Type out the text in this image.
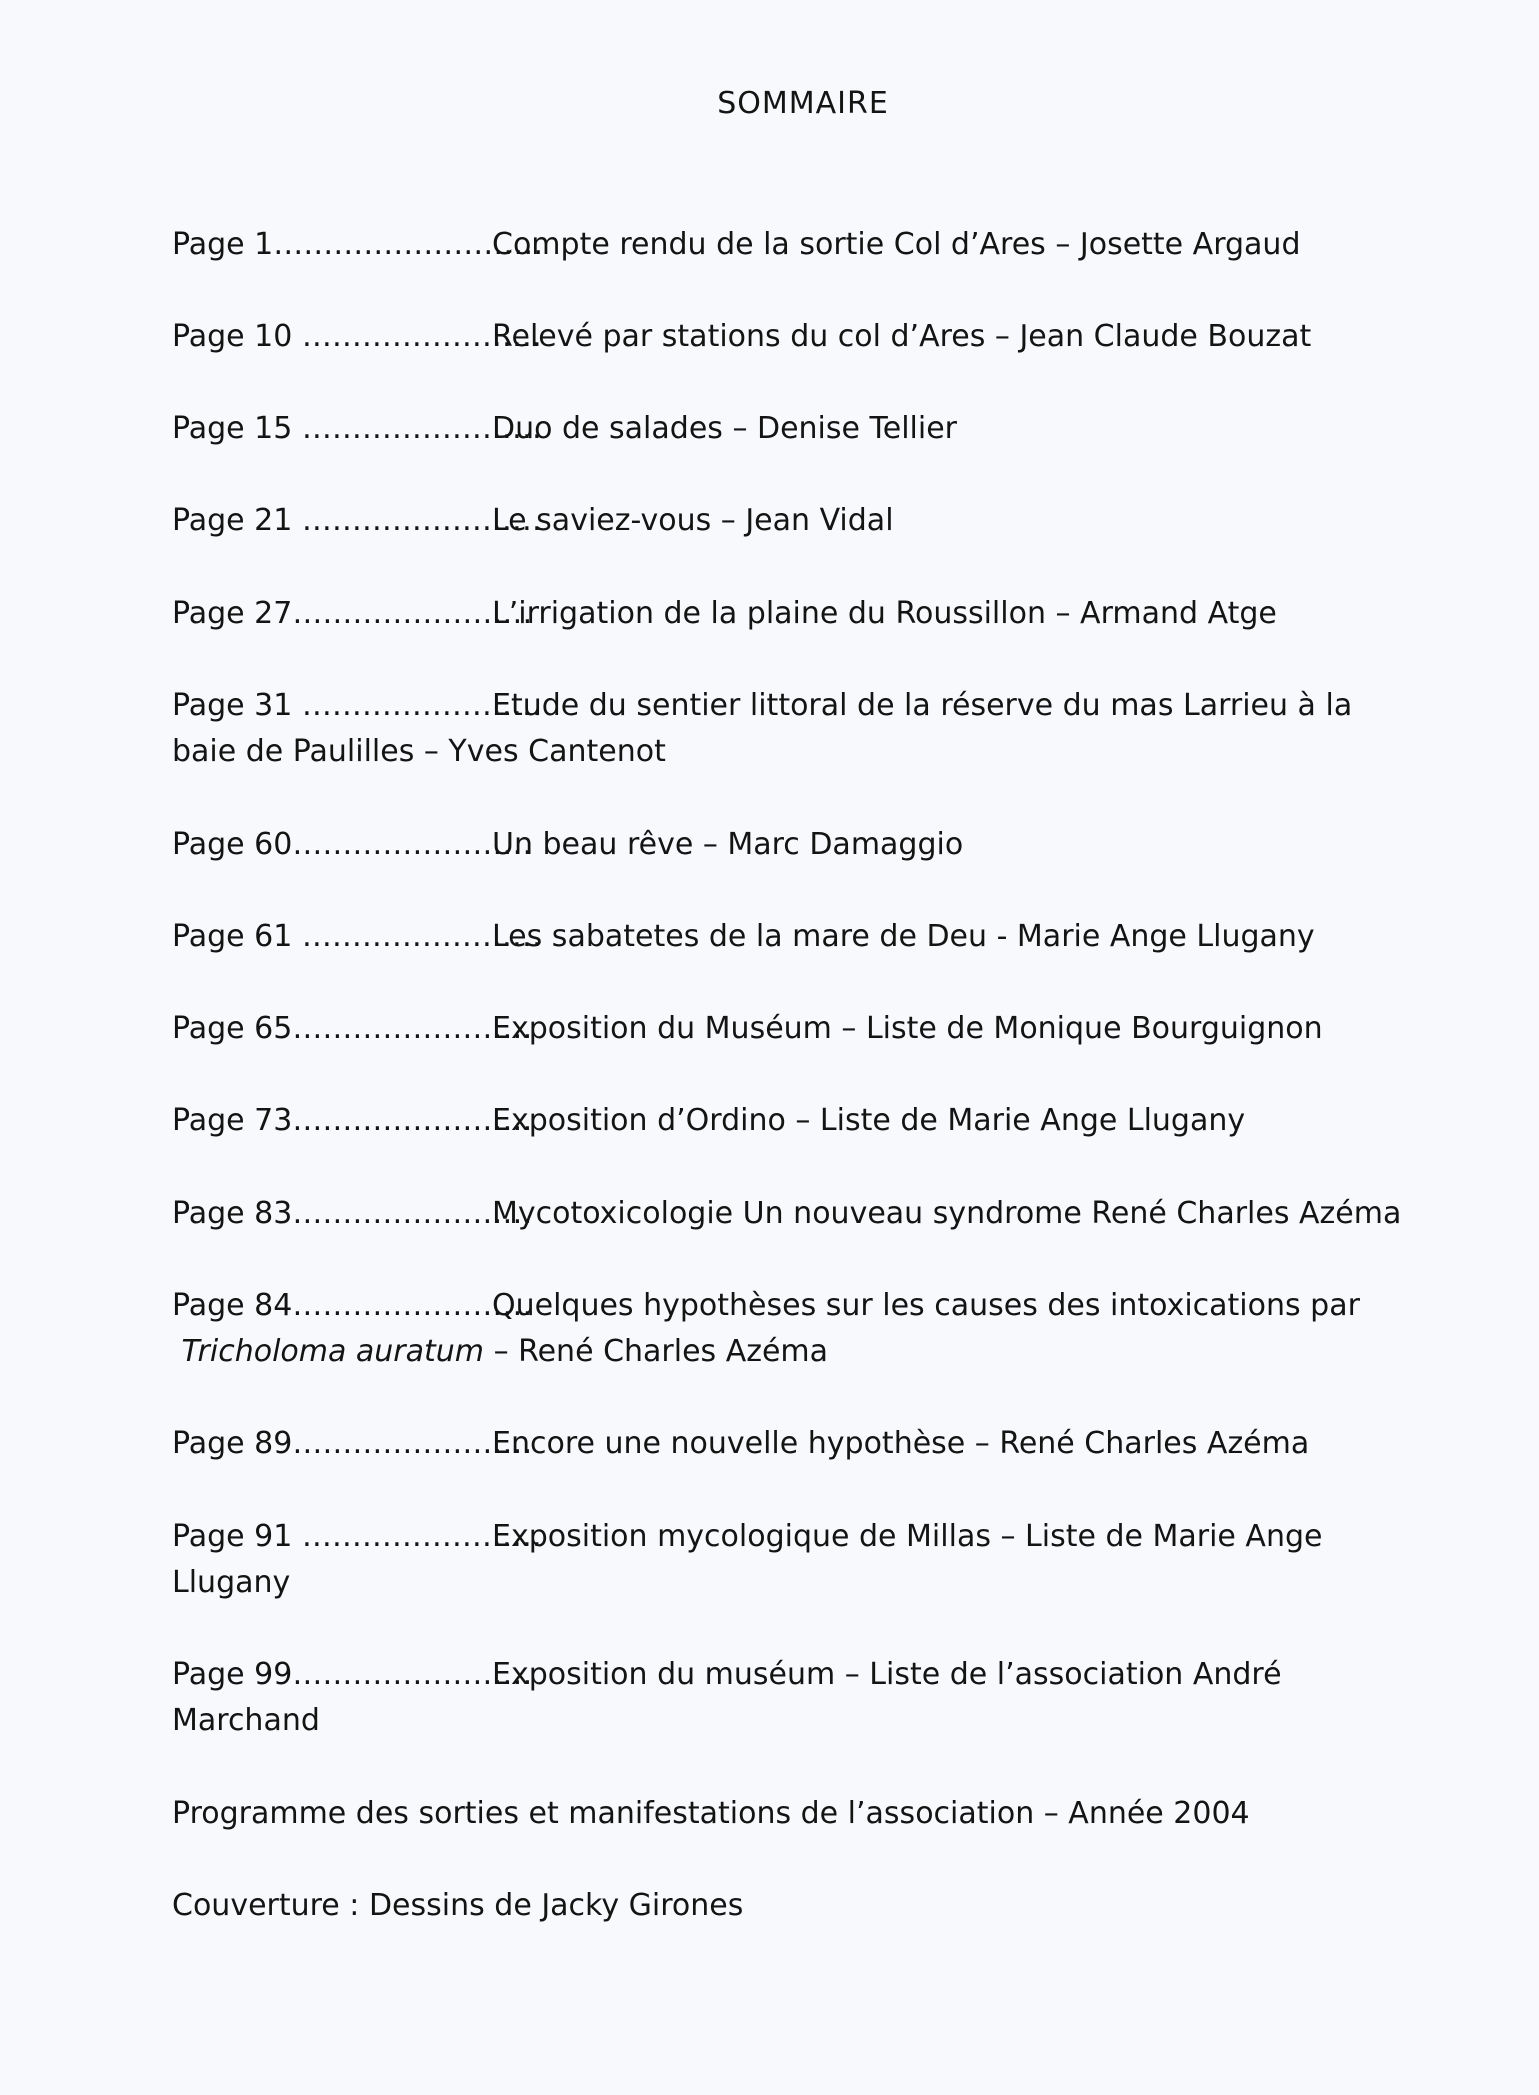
SOMMAIRE
Page 1………………………Compte rendu de la sortie Col d’Ares – Josette Argaud
Page 10 ……………………Relevé par stations du col d’Ares – Jean Claude Bouzat
Page 15 ……………………Duo de salades – Denise Tellier
Page 21 ……………………Le saviez-vous – Jean Vidal
Page 27……………………L’irrigation de la plaine du Roussillon – Armand Atge
Page 31 ……………………Etude du sentier littoral de la réserve du mas Larrieu à la
baie de Paulilles – Yves Cantenot
Page 60……………………Un beau rêve – Marc Damaggio
Page 61 ……………………Les sabatetes de la mare de Deu - Marie Ange Llugany
Page 65……………………Exposition du Muséum – Liste de Monique Bourguignon
Page 73……………………Exposition d’Ordino – Liste de Marie Ange Llugany
Page 83……………………Mycotoxicologie Un nouveau syndrome René Charles Azéma
Page 84……………………Quelques hypothèses sur les causes des intoxications par
Tricholoma auratum – René Charles Azéma
Page 89……………………Encore une nouvelle hypothèse – René Charles Azéma
Page 91 ……………………Exposition mycologique de Millas – Liste de Marie Ange
Llugany
Page 99……………………Exposition du muséum – Liste de l’association André
Marchand
Programme des sorties et manifestations de l’association – Année 2004
Couverture : Dessins de Jacky Girones
